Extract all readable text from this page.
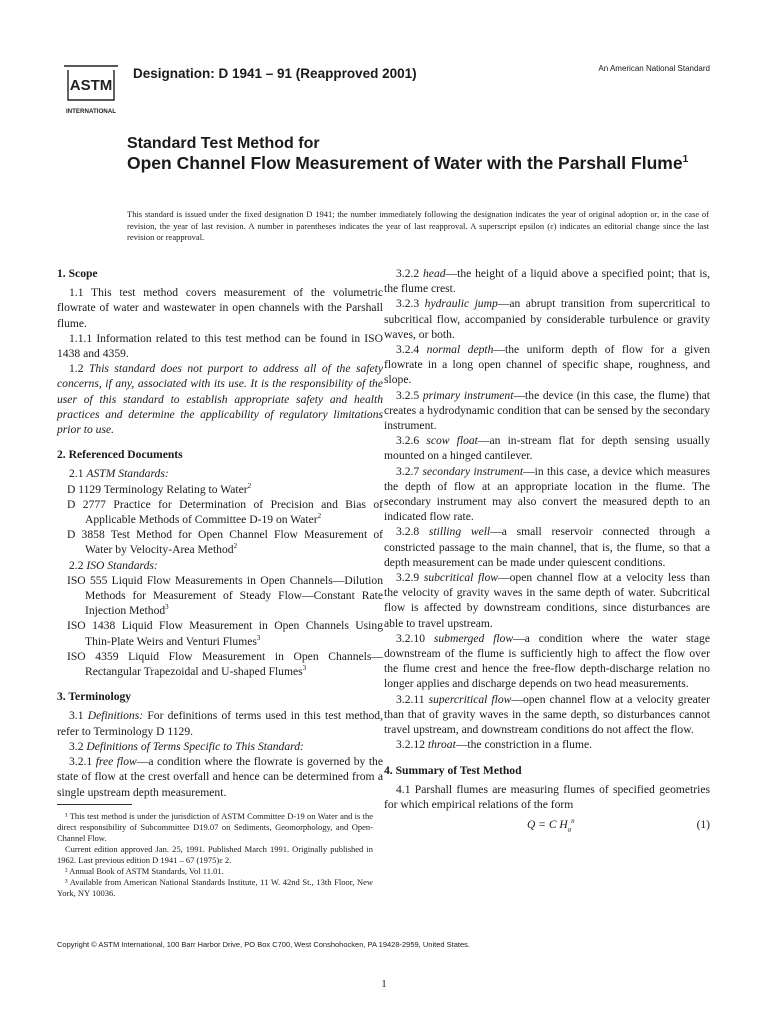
ASTM
INTERNATIONAL
Designation: D 1941 – 91 (Reapproved 2001)	An American National Standard
Standard Test Method for
Open Channel Flow Measurement of Water with the Parshall Flume$^1$
This standard is issued under the fixed designation D 1941; the number immediately following the designation indicates the year of original adoption or, in the case of revision, the year of last revision. A number in parentheses indicates the year of last reapproval. A superscript epsilon (ε) indicates an editorial change since the last revision or reapproval.
1. Scope

1.1 This test method covers measurement of the volumetric flowrate of water and wastewater in open channels with the Parshall flume.

1.1.1 Information related to this test method can be found in ISO 1438 and 4359.

1.2 This standard does not purport to address all of the safety concerns, if any, associated with its use. It is the responsibility of the user of this standard to establish appropriate safety and health practices and determine the applicability of regulatory limitations prior to use.

2. Referenced Documents

2.1 ASTM Standards:

D 1129 Terminology Relating to Water$^2$

D 2777 Practice for Determination of Precision and Bias of Applicable Methods of Committee D-19 on Water$^2$

D 3858 Test Method for Open Channel Flow Measurement of Water by Velocity-Area Method$^2$

2.2 ISO Standards:

ISO 555 Liquid Flow Measurements in Open Channels—Dilution Methods for Measurement of Steady Flow—Constant Rate Injection Method$^3$

ISO 1438 Liquid Flow Measurement in Open Channels Using Thin-Plate Weirs and Venturi Flumes$^3$

ISO 4359 Liquid Flow Measurement in Open Channels—Rectangular Trapezoidal and U-shaped Flumes$^3$

3. Terminology

3.1 Definitions: For definitions of terms used in this test method, refer to Terminology D 1129.

3.2 Definitions of Terms Specific to This Standard:

3.2.1 free flow—a condition where the flowrate is governed by the state of flow at the crest overfall and hence can be determined from a single upstream depth measurement.

¹ This test method is under the jurisdiction of ASTM Committee D-19 on Water and is the direct responsibility of Subcommittee D19.07 on Sediments, Geomorphology, and Open-Channel Flow.

Current edition approved Jan. 25, 1991. Published March 1991. Originally published in 1962. Last previous edition D 1941 – 67 (1975)ε 2.

² Annual Book of ASTM Standards, Vol 11.01.

³ Available from American National Standards Institute, 11 W. 42nd St., 13th Floor, New York, NY 10036.

3.2.2 head—the height of a liquid above a specified point; that is, the flume crest.

3.2.3 hydraulic jump—an abrupt transition from supercritical to subcritical flow, accompanied by considerable turbulence or gravity waves, or both.

3.2.4 normal depth—the uniform depth of flow for a given flowrate in a long open channel of specific shape, roughness, and slope.

3.2.5 primary instrument—the device (in this case, the flume) that creates a hydrodynamic condition that can be sensed by the secondary instrument.

3.2.6 scow float—an in-stream flat for depth sensing usually mounted on a hinged cantilever.

3.2.7 secondary instrument—in this case, a device which measures the depth of flow at an appropriate location in the flume. The secondary instrument may also convert the measured depth to an indicated flow rate.

3.2.8 stilling well—a small reservoir connected through a constricted passage to the main channel, that is, the flume, so that a depth measurement can be made under quiescent conditions.

3.2.9 subcritical flow—open channel flow at a velocity less than the velocity of gravity waves in the same depth of water. Subcritical flow is affected by downstream conditions, since disturbances are able to travel upstream.

3.2.10 submerged flow—a condition where the water stage downstream of the flume is sufficiently high to affect the flow over the flume crest and hence the free-flow depth-discharge relation no longer applies and discharge depends on two head measurements.

3.2.11 supercritical flow—open channel flow at a velocity greater than that of gravity waves in the same depth, so disturbances cannot travel upstream, and downstream conditions do not affect the flow.

3.2.12 throat—the constriction in a flume.

4. Summary of Test Method

4.1 Parshall flumes are measuring flumes of specified geometries for which empirical relations of the form

Q = C $H_a^n$	(1)
Copyright © ASTM International, 100 Barr Harbor Drive, PO Box C700, West Conshohocken, PA 19428-2959, United States.
1
